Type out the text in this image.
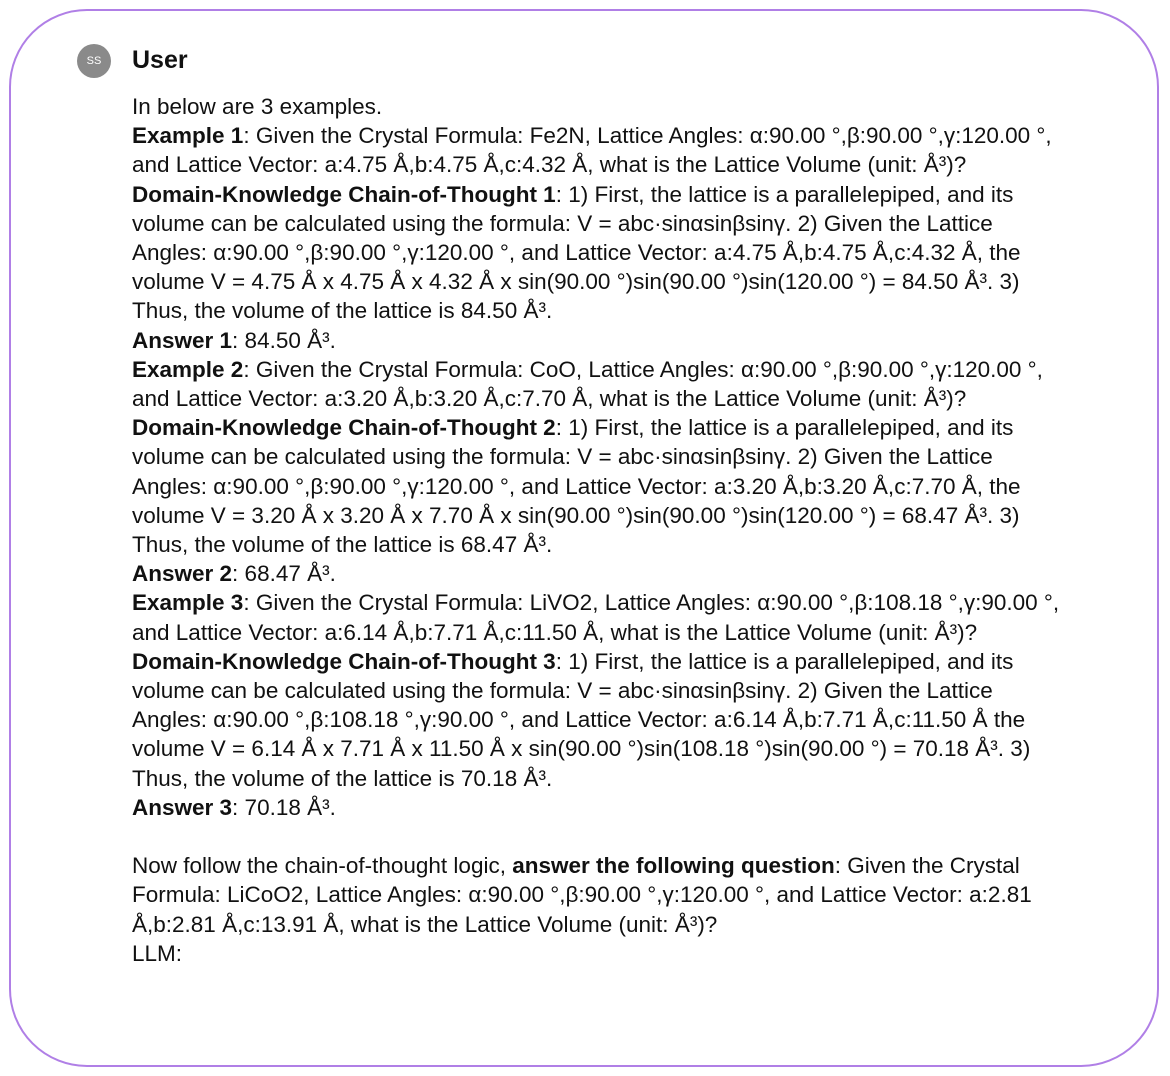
SS	User

In below are 3 examples.

Example 1: Given the Crystal Formula: Fe2N, Lattice Angles: α:90.00 °,β:90.00 °,γ:120.00 °, and Lattice Vector: a:4.75 Å,b:4.75 Å,c:4.32 Å, what is the Lattice Volume (unit: Å³)?

Domain-Knowledge Chain-of-Thought 1: 1) First, the lattice is a parallelepiped, and its volume can be calculated using the formula: V = abc·sinαsinβsinγ. 2) Given the Lattice Angles: α:90.00 °,β:90.00 °,γ:120.00 °, and Lattice Vector: a:4.75 Å,b:4.75 Å,c:4.32 Å, the volume V = 4.75 Å x 4.75 Å x 4.32 Å x sin(90.00 °)sin(90.00 °)sin(120.00 °) = 84.50 Å³. 3) Thus, the volume of the lattice is 84.50 Å³.

Answer 1: 84.50 Å³.

Example 2: Given the Crystal Formula: CoO, Lattice Angles: α:90.00 °,β:90.00 °,γ:120.00 °, and Lattice Vector: a:3.20 Å,b:3.20 Å,c:7.70 Å, what is the Lattice Volume (unit: Å³)?

Domain-Knowledge Chain-of-Thought 2: 1) First, the lattice is a parallelepiped, and its volume can be calculated using the formula: V = abc·sinαsinβsinγ. 2) Given the Lattice Angles: α:90.00 °,β:90.00 °,γ:120.00 °, and Lattice Vector: a:3.20 Å,b:3.20 Å,c:7.70 Å, the volume V = 3.20 Å x 3.20 Å x 7.70 Å x sin(90.00 °)sin(90.00 °)sin(120.00 °) = 68.47 Å³. 3) Thus, the volume of the lattice is 68.47 Å³.

Answer 2: 68.47 Å³.

Example 3: Given the Crystal Formula: LiVO2, Lattice Angles: α:90.00 °,β:108.18 °,γ:90.00 °, and Lattice Vector: a:6.14 Å,b:7.71 Å,c:11.50 Å, what is the Lattice Volume (unit: Å³)?

Domain-Knowledge Chain-of-Thought 3: 1) First, the lattice is a parallelepiped, and its volume can be calculated using the formula: V = abc·sinαsinβsinγ. 2) Given the Lattice Angles: α:90.00 °,β:108.18 °,γ:90.00 °, and Lattice Vector: a:6.14 Å,b:7.71 Å,c:11.50 Å the volume V = 6.14 Å x 7.71 Å x 11.50 Å x sin(90.00 °)sin(108.18 °)sin(90.00 °) = 70.18 Å³. 3) Thus, the volume of the lattice is 70.18 Å³.

Answer 3: 70.18 Å³.

Now follow the chain-of-thought logic, answer the following question: Given the Crystal Formula: LiCoO2, Lattice Angles: α:90.00 °,β:90.00 °,γ:120.00 °, and Lattice Vector: a:2.81 Å,b:2.81 Å,c:13.91 Å, what is the Lattice Volume (unit: Å³)?

LLM:
